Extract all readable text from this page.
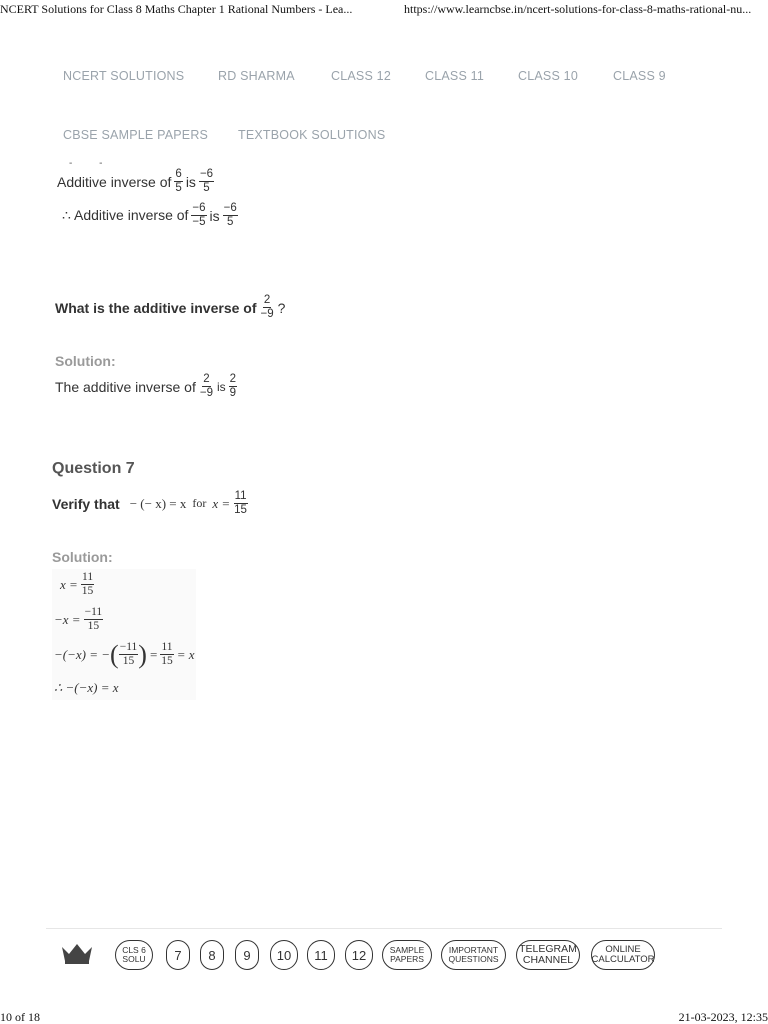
NCERT Solutions for Class 8 Maths Chapter 1 Rational Numbers - Lea...	https://www.learncbse.in/ncert-solutions-for-class-8-maths-rational-nu...
NCERT SOLUTIONS	RD SHARMA	CLASS 12	CLASS 11	CLASS 10	CLASS 9
CBSE SAMPLE PAPERS TEXTBOOK SOLUTIONS
- -
Additive inverse of $\frac{6}{5}$ is $\frac{-6}{5}$
∴ Additive inverse of $\frac{-6}{-5}$ is $\frac{-6}{5}$
What is the additive inverse of $\frac{2}{-9}$ ?
Solution:
The additive inverse of $\frac{2}{-9}$ is $\frac{2}{9}$
Question 7
Verify that − (− x) = x for $x = \frac{11}{15}$
Solution:
$x = \frac{11}{15}$
$-x = \frac{-11}{15}$
−(−x) = − ( $\frac{-11}{15}$ ) = $\frac{11}{15} = x$
∴ −(−x) = x
CLS 6
SOLU	7	8	9	10	11	12	SAMPLE
PAPERS
IMPORTANT
QUESTIONS
TELEGRAM
CHANNEL
ONLINE
CALCULATOR
10 of 18	21-03-2023, 12:35
